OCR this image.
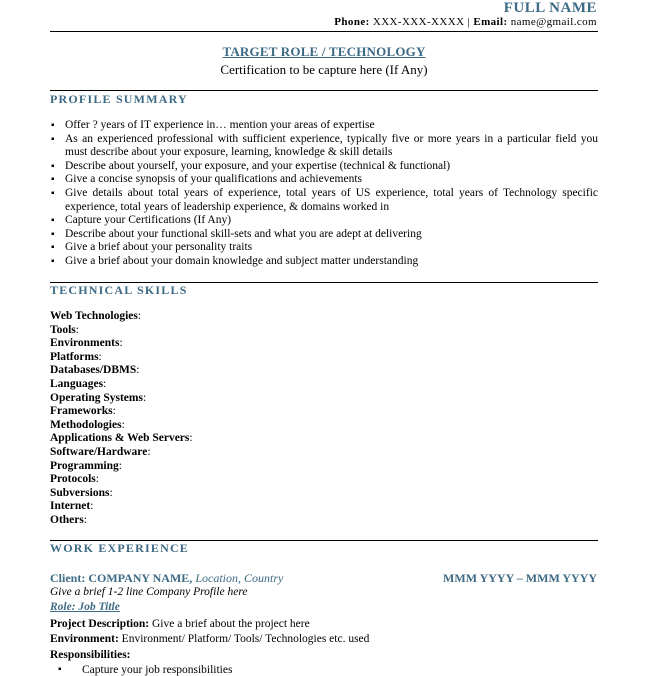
FULL NAME
Phone: XXX-XXX-XXXX | Email: name@gmail.com
TARGET ROLE / TECHNOLOGY
Certification to be capture here (If Any)
PROFILE SUMMARY
▪ Offer ? years of IT experience in… mention your areas of expertise
▪ As an experienced professional with sufficient experience, typically five or more years in a particular field you must describe about your exposure, learning, knowledge & skill details
▪ Describe about yourself, your exposure, and your expertise (technical & functional)
▪ Give a concise synopsis of your qualifications and achievements
▪ Give details about total years of experience, total years of US experience, total years of Technology specific experience, total years of leadership experience, & domains worked in
▪ Capture your Certifications (If Any)
▪ Describe about your functional skill-sets and what you are adept at delivering
▪ Give a brief about your personality traits
▪ Give a brief about your domain knowledge and subject matter understanding
TECHNICAL SKILLS
Web Technologies:
Tools:
Environments:
Platforms:
Databases/DBMS:
Languages:
Operating Systems:
Frameworks:
Methodologies:
Applications & Web Servers:
Software/Hardware:
Programming:
Protocols:
Subversions:
Internet:
Others:
WORK EXPERIENCE
Client: COMPANY NAME, Location, Country	MMM YYYY – MMM YYYY
Give a brief 1-2 line Company Profile here
Role: Job Title
Project Description: Give a brief about the project here
Environment: Environment/ Platform/ Tools/ Technologies etc. used
Responsibilities:
▪ Capture your job responsibilities
